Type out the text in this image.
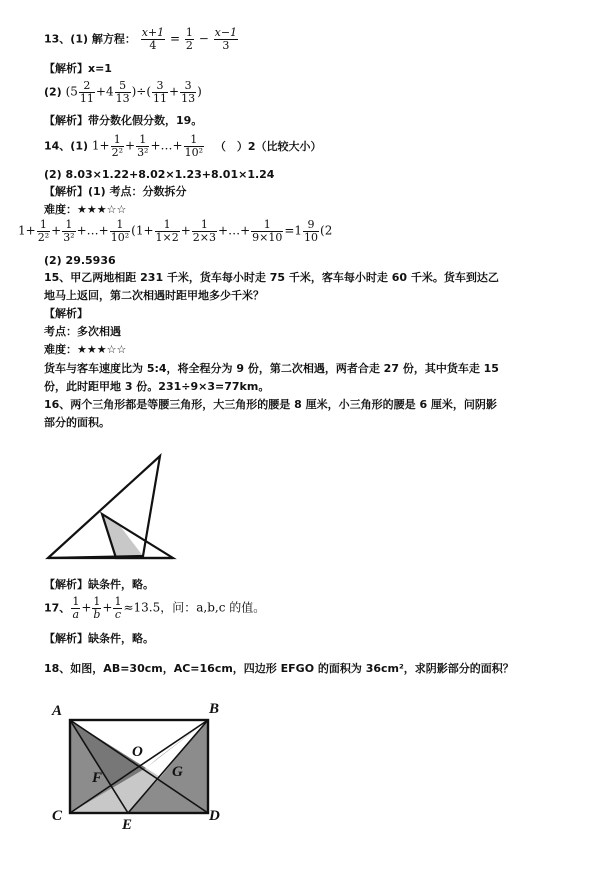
13、(1) 解方程： $\frac{x+1}{4} = \frac{1}{2} - \frac{x-1}{3}$
【解析】x=1
(2) ($5 \frac{2}{11} +4 \frac{5}{13}$ )÷( $\frac{3}{11} + \frac{3}{13}$ )
【解析】带分数化假分数，19。
14、(1) $1+ \frac{1}{\text{2²}} + \frac{1}{\text{3²}}$ +…+ $\frac{1}{\text{10²}}$ （　）2（比较大小）
(2) 8.03×1.22+8.02×1.23+8.01×1.24
【解析】(1) 考点：分数拆分
难度：★★★☆☆
$1+ \frac{1}{\text{2²}} + \frac{1}{\text{3²}}$ +…+ $\frac{1}{\text{10²}} (1+ \frac{1}{1\times 2} + \frac{1}{2\times 3}$ +…+ $\frac{1}{9\times 10} =1 \frac{9}{10} (2$
(2) 29.5936
15、甲乙两地相距 231 千米，货车每小时走 75 千米，客车每小时走 60 千米。货车到达乙
地马上返回，第二次相遇时距甲地多少千米？
【解析】
考点：多次相遇
难度：★★★☆☆
货车与客车速度比为 5:4，将全程分为 9 份，第二次相遇，两者合走 27 份，其中货车走 15
份，此时距甲地 3 份。231÷9×3=77km。
16、两个三角形都是等腰三角形，大三角形的腰是 8 厘米，小三角形的腰是 6 厘米，问阴影
部分的面积。
【解析】缺条件，略。
17、 $\frac{1}{a} + \frac{1}{b} + \frac{1}{c} \approx 13.5$，问：a,b,c 的值。
【解析】缺条件，略。
18、如图，AB=30cm，AC=16cm，四边形 EFGO 的面积为 36cm²，求阴影部分的面积？
A	B
O
F	G
C
E
D
